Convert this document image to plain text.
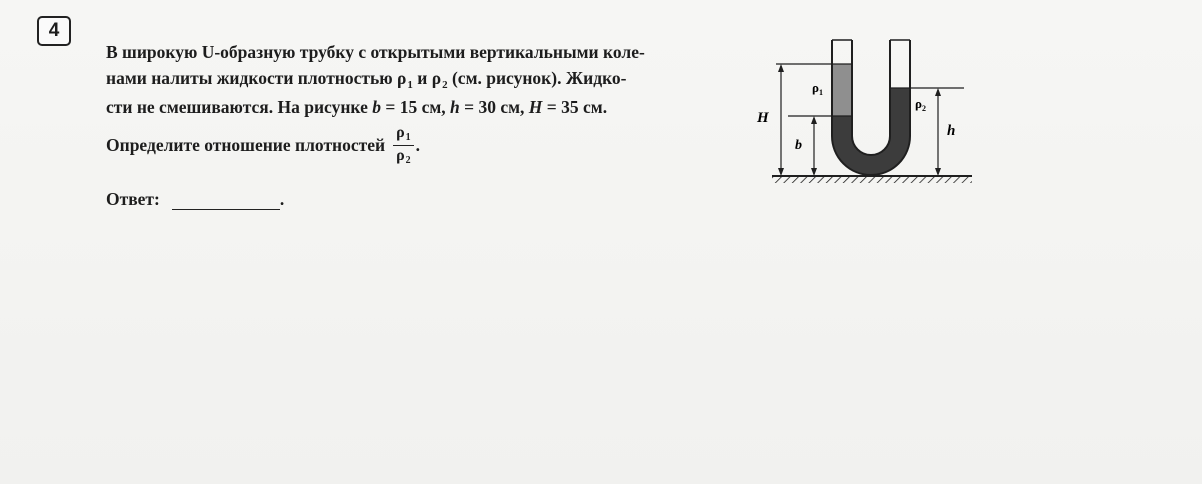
4
В широкую U-образную трубку с открытыми вертикальными коле-
нами налиты жидкости плотностью $\rho_1$ и $\rho_2$ (см. рисунок). Жидко-
сти не смешиваются. На рисунке b = 15 см, h = 30 см, H = 35 см.
Определите отношение плотностей $\frac{\rho 1}{\rho 2}$ .
Ответ:	.
H
b
h
$\rho_1$
$\rho_2$
